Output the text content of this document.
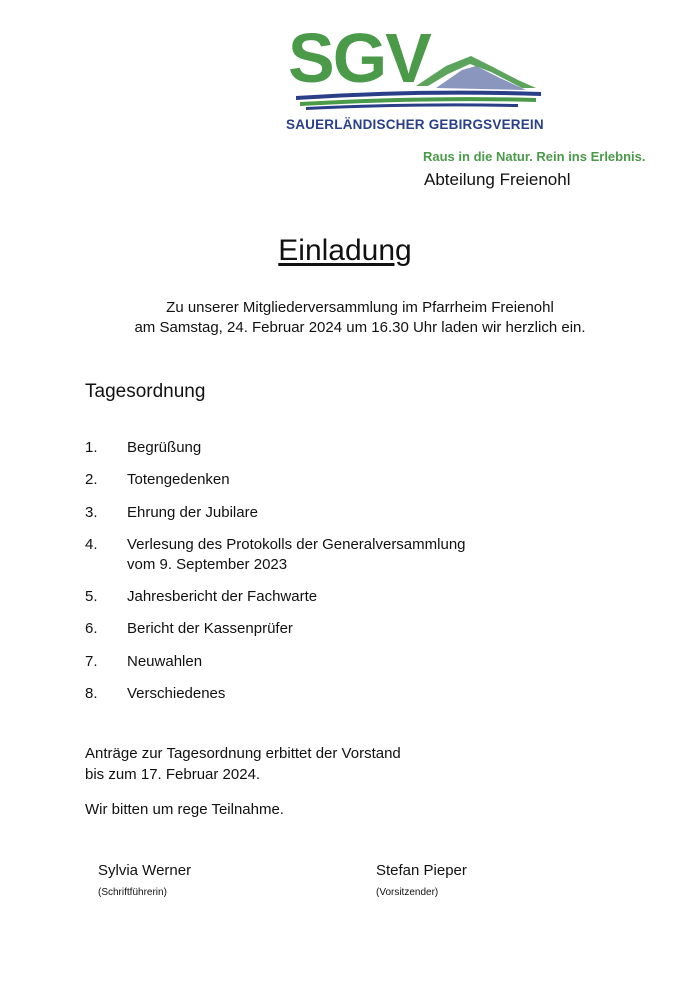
SGV
SAUERLÄNDISCHER GEBIRGSVEREIN
Raus in die Natur. Rein ins Erlebnis.
Abteilung Freienohl
Einladung
Zu unserer Mitgliederversammlung im Pfarrheim Freienohl
am Samstag, 24. Februar 2024 um 16.30 Uhr laden wir herzlich ein.
Tagesordnung
1. Begrüßung
2. Totengedenken
3. Ehrung der Jubilare
4. Verlesung des Protokolls der Generalversammlung
vom 9. September 2023
5. Jahresbericht der Fachwarte
6. Bericht der Kassenprüfer
7. Neuwahlen
8. Verschiedenes
Anträge zur Tagesordnung erbittet der Vorstand
bis zum 17. Februar 2024.
Wir bitten um rege Teilnahme.
Sylvia Werner
(Schriftführerin)
Stefan Pieper
(Vorsitzender)
